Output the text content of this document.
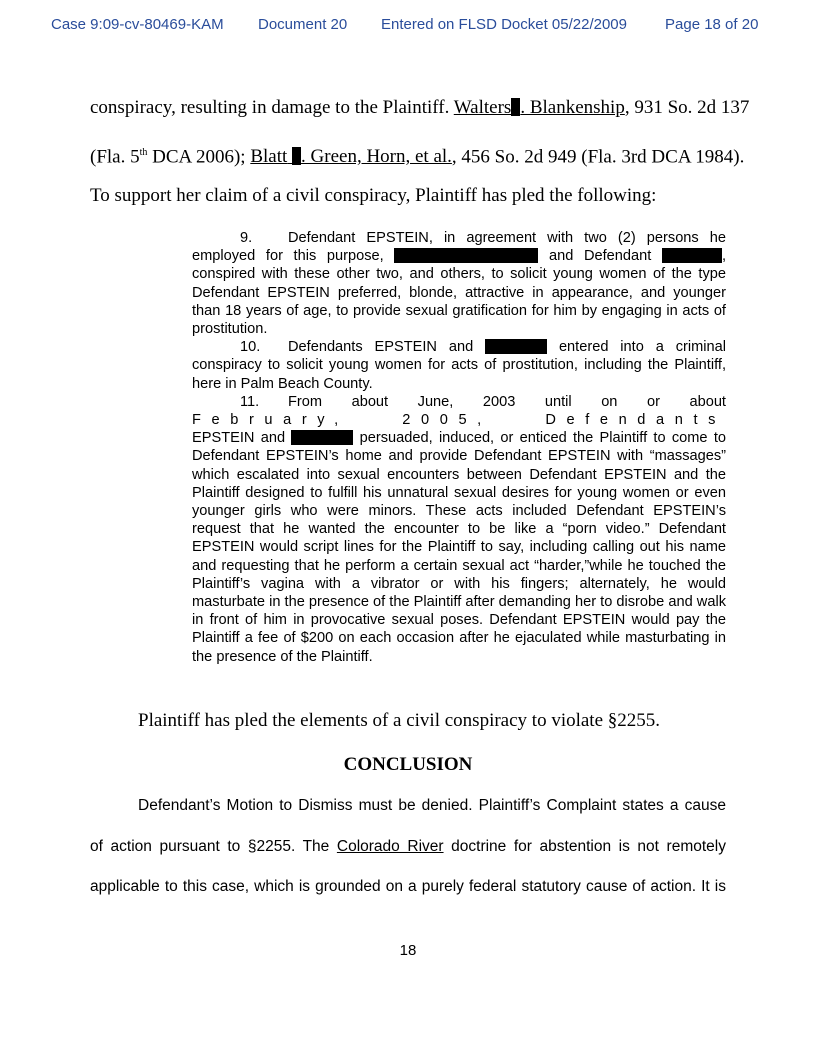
Case 9:09-cv-80469-KAM Document 20 Entered on FLSD Docket 05/22/2009	Page 18 of 20
conspiracy, resulting in damage to the Plaintiff. Walters . Blankenship, 931 So. 2d 137
(Fla. 5th DCA 2006); Blatt . Green, Horn, et al., 456 So. 2d 949 (Fla. 3rd DCA 1984).
To support her claim of a civil conspiracy, Plaintiff has pled the following:
9. Defendant EPSTEIN, in agreement with two (2) persons he employed for this purpose,	and Defendant	, conspired with these other two, and others, to solicit young women of the type Defendant EPSTEIN preferred, blonde, attractive in appearance, and younger than 18 years of age, to provide sexual gratification for him by engaging in acts of prostitution.
10. Defendants EPSTEIN and	entered into a criminal conspiracy to solicit young women for acts of prostitution, including the Plaintiff, here in Palm Beach County.
11. From about June, 2003 until on or about
February, 2005, Defendants
EPSTEIN and	persuaded, induced, or enticed the Plaintiff to come to Defendant EPSTEIN’s home and provide Defendant EPSTEIN with “massages” which escalated into sexual encounters between Defendant EPSTEIN and the Plaintiff designed to fulfill his unnatural sexual desires for young women or even younger girls who were minors. These acts included Defendant EPSTEIN’s request that he wanted the encounter to be like a “porn video.” Defendant EPSTEIN would script lines for the Plaintiff to say, including calling out his name and requesting that he perform a certain sexual act “harder,”while he touched the Plaintiff’s vagina with a vibrator or with his fingers; alternately, he would masturbate in the presence of the Plaintiff after demanding her to disrobe and walk in front of him in provocative sexual poses. Defendant EPSTEIN would pay the Plaintiff a fee of $200 on each occasion after he ejaculated while masturbating in the presence of the Plaintiff.
Plaintiff has pled the elements of a civil conspiracy to violate §2255.
CONCLUSION
Defendant’s Motion to Dismiss must be denied. Plaintiff’s Complaint states a cause
of action pursuant to §2255. The Colorado River doctrine for abstention is not remotely
applicable to this case, which is grounded on a purely federal statutory cause of action. It is
18
